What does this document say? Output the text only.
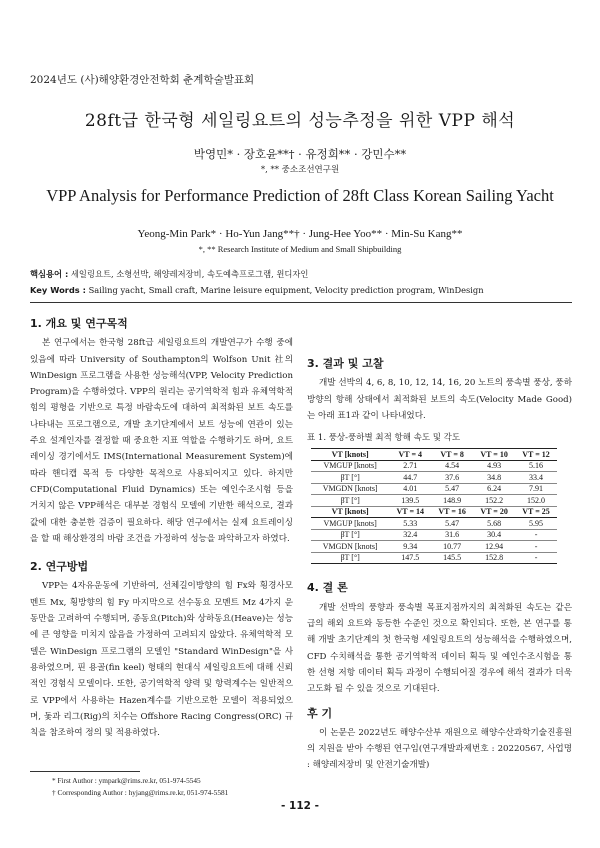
2024년도 (사)해양환경안전학회 춘계학술발표회
28ft급 한국형 세일링요트의 성능추정을 위한 VPP 해석
박영민* · 장호윤**† · 유정희** · 강민수**
*, ** 중소조선연구원
VPP Analysis for Performance Prediction of 28ft Class Korean Sailing Yacht
Yeong-Min Park* · Ho-Yun Jang**† · Jung-Hee Yoo** · Min-Su Kang**
*, ** Research Institute of Medium and Small Shipbuilding
핵심용어 : 세일링요트, 소형선박, 해양레저장비, 속도예측프로그램, 윈디자인
Key Words : Sailing yacht, Small craft, Marine leisure equipment, Velocity prediction program, WinDesign
1. 개요 및 연구목적

본 연구에서는 한국형 28ft급 세일링요트의 개발연구가 수행 중에 있음에 따라 University of Southampton의 Wolfson Unit 社의 WinDesign 프로그램을 사용한 성능해석(VPP, Velocity Prediction Program)을 수행하였다. VPP의 원리는 공기역학적 힘과 유체역학적 힘의 평형을 기반으로 특정 바람속도에 대하여 최적화된 보트 속도를 나타내는 프로그램으로, 개발 초기단계에서 보트 성능에 연관이 있는 주요 설계인자를 결정할 때 중요한 지표 역할을 수행하기도 하며, 요트레이싱 경기에서도 IMS(International Measurement System)에 따라 핸디캡 목적 등 다양한 목적으로 사용되어지고 있다. 하지만 CFD(Computational Fluid Dynamics) 또는 예인수조시험 등을 거치지 않은 VPP해석은 대부분 경험식 모델에 기반한 해석으로, 결과값에 대한 충분한 검증이 필요하다. 해당 연구에서는 실제 요트레이싱을 할 때 해상환경의 바람 조건을 가정하여 성능을 파악하고자 하였다.

2. 연구방법

VPP는 4자유운동에 기반하여, 선체길이방향의 힘 Fx와 횡경사모멘트 Mx, 횡방향의 힘 Fy 마지막으로 선수동요 모멘트 Mz 4가지 운동만을 고려하여 수행되며, 종동요(Pitch)와 상하동요(Heave)는 성능에 큰 영향을 미치지 않음을 가정하여 고려되지 않았다. 유체역학적 모델은 WinDesign 프로그램의 모델인 "Standard WinDesign"을 사용하였으며, 핀 용골(fin keel) 형태의 현대식 세일링요트에 대해 신뢰적인 경험식 모델이다. 또한, 공기역학적 양력 및 항력계수는 일반적으로 VPP에서 사용하는 Hazen계수를 기반으로한 모델이 적용되었으며, 돛과 리그(Rig)의 치수는 Offshore Racing Congress(ORC) 규칙을 참조하여 정의 및 적용하였다.

3. 결과 및 고찰

개발 선박의 4, 6, 8, 10, 12, 14, 16, 20 노트의 풍속별 풍상, 풍하 방향의 항해 상태에서 최적화된 보트의 속도(Velocity Made Good)는 아래 표1과 같이 나타내었다.

표 1. 풍상-풍하별 최적 항해 속도 및 각도
VT [knots]	VT = 4	VT = 8	VT = 10	VT = 12
VMGUP [knots]	2.71	4.54	4.93	5.16
βT [°]	44.7	37.6	34.8	33.4
VMGDN [knots]	4.01	5.47	6.24	7.91
βT [°]	139.5	148.9	152.2	152.0
VT [knots]	VT = 14	VT = 16	VT = 20	VT = 25
VMGUP [knots]	5.33	5.47	5.68	5.95
βT [°]	32.4	31.6	30.4	-
VMGDN [knots]	9.34	10.77	12.94	-
βT [°]	147.5	145.5	152.8	-
4. 결 론

개발 선박의 풍향과 풍속별 목표지점까지의 최적화된 속도는 같은 급의 해외 요트와 동등한 수준인 것으로 확인되다. 또한, 본 연구를 통해 개발 초기단계의 첫 한국형 세일링요트의 성능해석을 수행하였으며, CFD 수치해석을 통한 공기역학적 데이터 획득 및 예인수조시험을 통한 선형 저항 데이터 획득 과정이 수행되어질 경우에 해석 결과가 더욱 고도화 될 수 있을 것으로 기대된다.

후 기

이 논문은 2022년도 해양수산부 재원으로 해양수산과학기술진흥원의 지원을 받아 수행된 연구임(연구개발과제번호 : 20220567, 사업명 : 해양레저장비 및 안전기술개발)

* First Author : ympark@rims.re.kr, 051-974-5545
† Corresponding Author : hyjang@rims.re.kr, 051-974-5581
- 112 -
